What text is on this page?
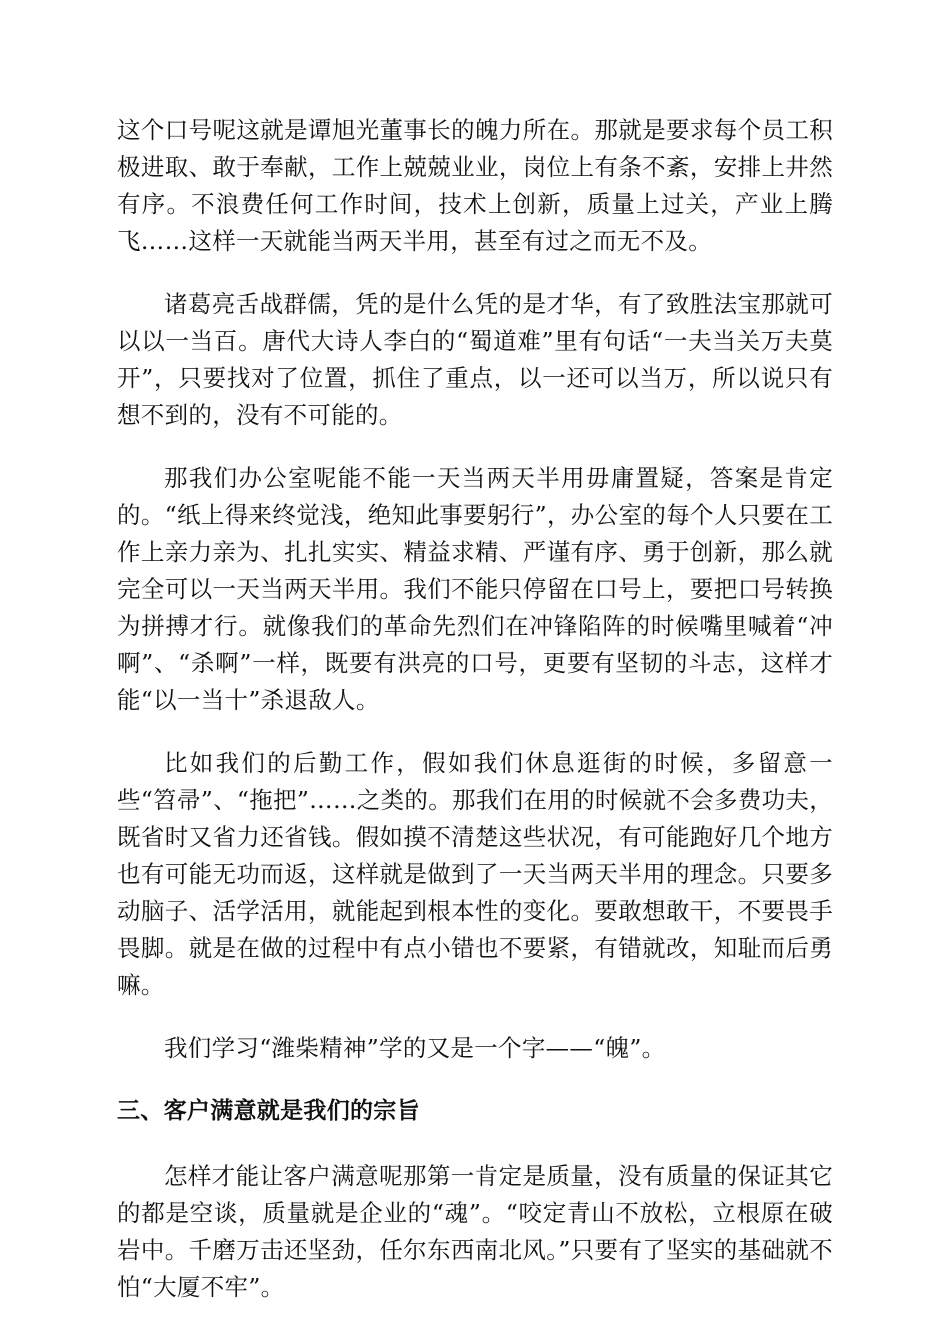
这个口号呢这就是谭旭光董事长的魄力所在。那就是要求每个员工积极进取、敢于奉献，工作上兢兢业业，岗位上有条不紊，安排上井然有序。不浪费任何工作时间，技术上创新，质量上过关，产业上腾飞……这样一天就能当两天半用，甚至有过之而无不及。

诸葛亮舌战群儒，凭的是什么凭的是才华，有了致胜法宝那就可以以一当百。唐代大诗人李白的“蜀道难”里有句话“一夫当关万夫莫开”，只要找对了位置，抓住了重点，以一还可以当万，所以说只有想不到的，没有不可能的。

那我们办公室呢能不能一天当两天半用毋庸置疑，答案是肯定的。“纸上得来终觉浅，绝知此事要躬行”，办公室的每个人只要在工作上亲力亲为、扎扎实实、精益求精、严谨有序、勇于创新，那么就完全可以一天当两天半用。我们不能只停留在口号上，要把口号转换为拼搏才行。就像我们的革命先烈们在冲锋陷阵的时候嘴里喊着“冲啊”、“杀啊”一样，既要有洪亮的口号，更要有坚韧的斗志，这样才能“以一当十”杀退敌人。

比如我们的后勤工作，假如我们休息逛街的时候，多留意一些“笤帚”、“拖把”……之类的。那我们在用的时候就不会多费功夫，既省时又省力还省钱。假如摸不清楚这些状况，有可能跑好几个地方也有可能无功而返，这样就是做到了一天当两天半用的理念。只要多动脑子、活学活用，就能起到根本性的变化。要敢想敢干，不要畏手畏脚。就是在做的过程中有点小错也不要紧，有错就改，知耻而后勇嘛。

我们学习“潍柴精神”学的又是一个字——“魄”。

三、客户满意就是我们的宗旨

怎样才能让客户满意呢那第一肯定是质量，没有质量的保证其它的都是空谈，质量就是企业的“魂”。“咬定青山不放松，立根原在破岩中。千磨万击还坚劲，任尔东西南北风。”只要有了坚实的基础就不怕“大厦不牢”。
